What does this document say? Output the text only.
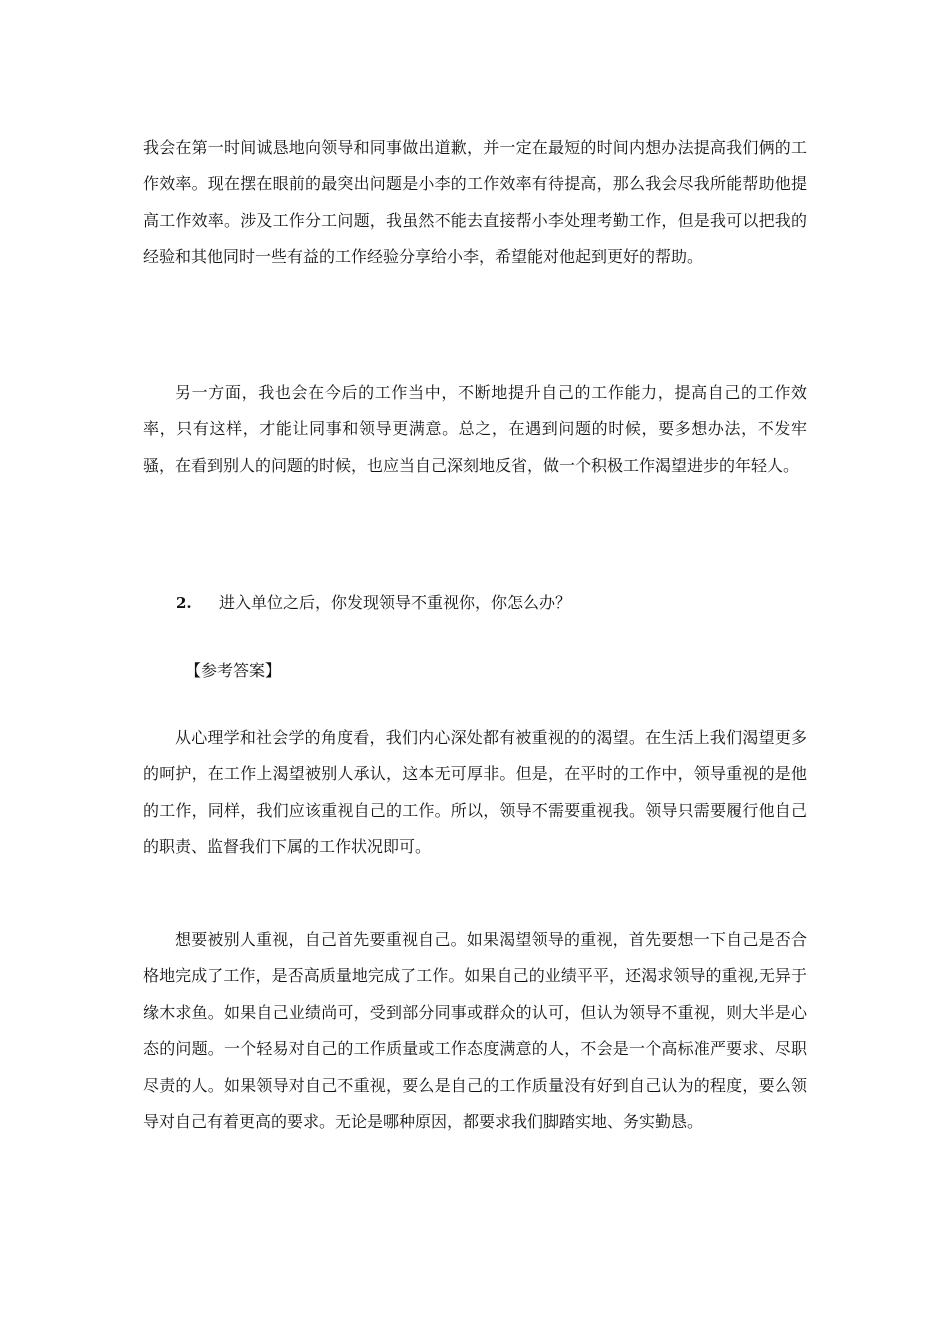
我会在第一时间诚恳地向领导和同事做出道歉，并一定在最短的时间内想办法提高我们俩的工作效率。现在摆在眼前的最突出问题是小李的工作效率有待提高，那么我会尽我所能帮助他提高工作效率。涉及工作分工问题，我虽然不能去直接帮小李处理考勤工作，但是我可以把我的经验和其他同时一些有益的工作经验分享给小李，希望能对他起到更好的帮助。

另一方面，我也会在今后的工作当中，不断地提升自己的工作能力，提高自己的工作效率，只有这样，才能让同事和领导更满意。总之，在遇到问题的时候，要多想办法，不发牢骚，在看到别人的问题的时候，也应当自己深刻地反省，做一个积极工作渴望进步的年轻人。

2. 进入单位之后，你发现领导不重视你，你怎么办？
【参考答案】

从心理学和社会学的角度看，我们内心深处都有被重视的的渴望。在生活上我们渴望更多的呵护，在工作上渴望被别人承认，这本无可厚非。但是，在平时的工作中，领导重视的是他的工作，同样，我们应该重视自己的工作。所以，领导不需要重视我。领导只需要履行他自己的职责、监督我们下属的工作状况即可。

想要被别人重视，自己首先要重视自己。如果渴望领导的重视，首先要想一下自己是否合格地完成了工作，是否高质量地完成了工作。如果自己的业绩平平，还渴求领导的重视,无异于缘木求鱼。如果自己业绩尚可，受到部分同事或群众的认可，但认为领导不重视，则大半是心态的问题。一个轻易对自己的工作质量或工作态度满意的人，不会是一个高标准严要求、尽职尽责的人。如果领导对自己不重视，要么是自己的工作质量没有好到自己认为的程度，要么领导对自己有着更高的要求。无论是哪种原因，都要求我们脚踏实地、务实勤恳。
